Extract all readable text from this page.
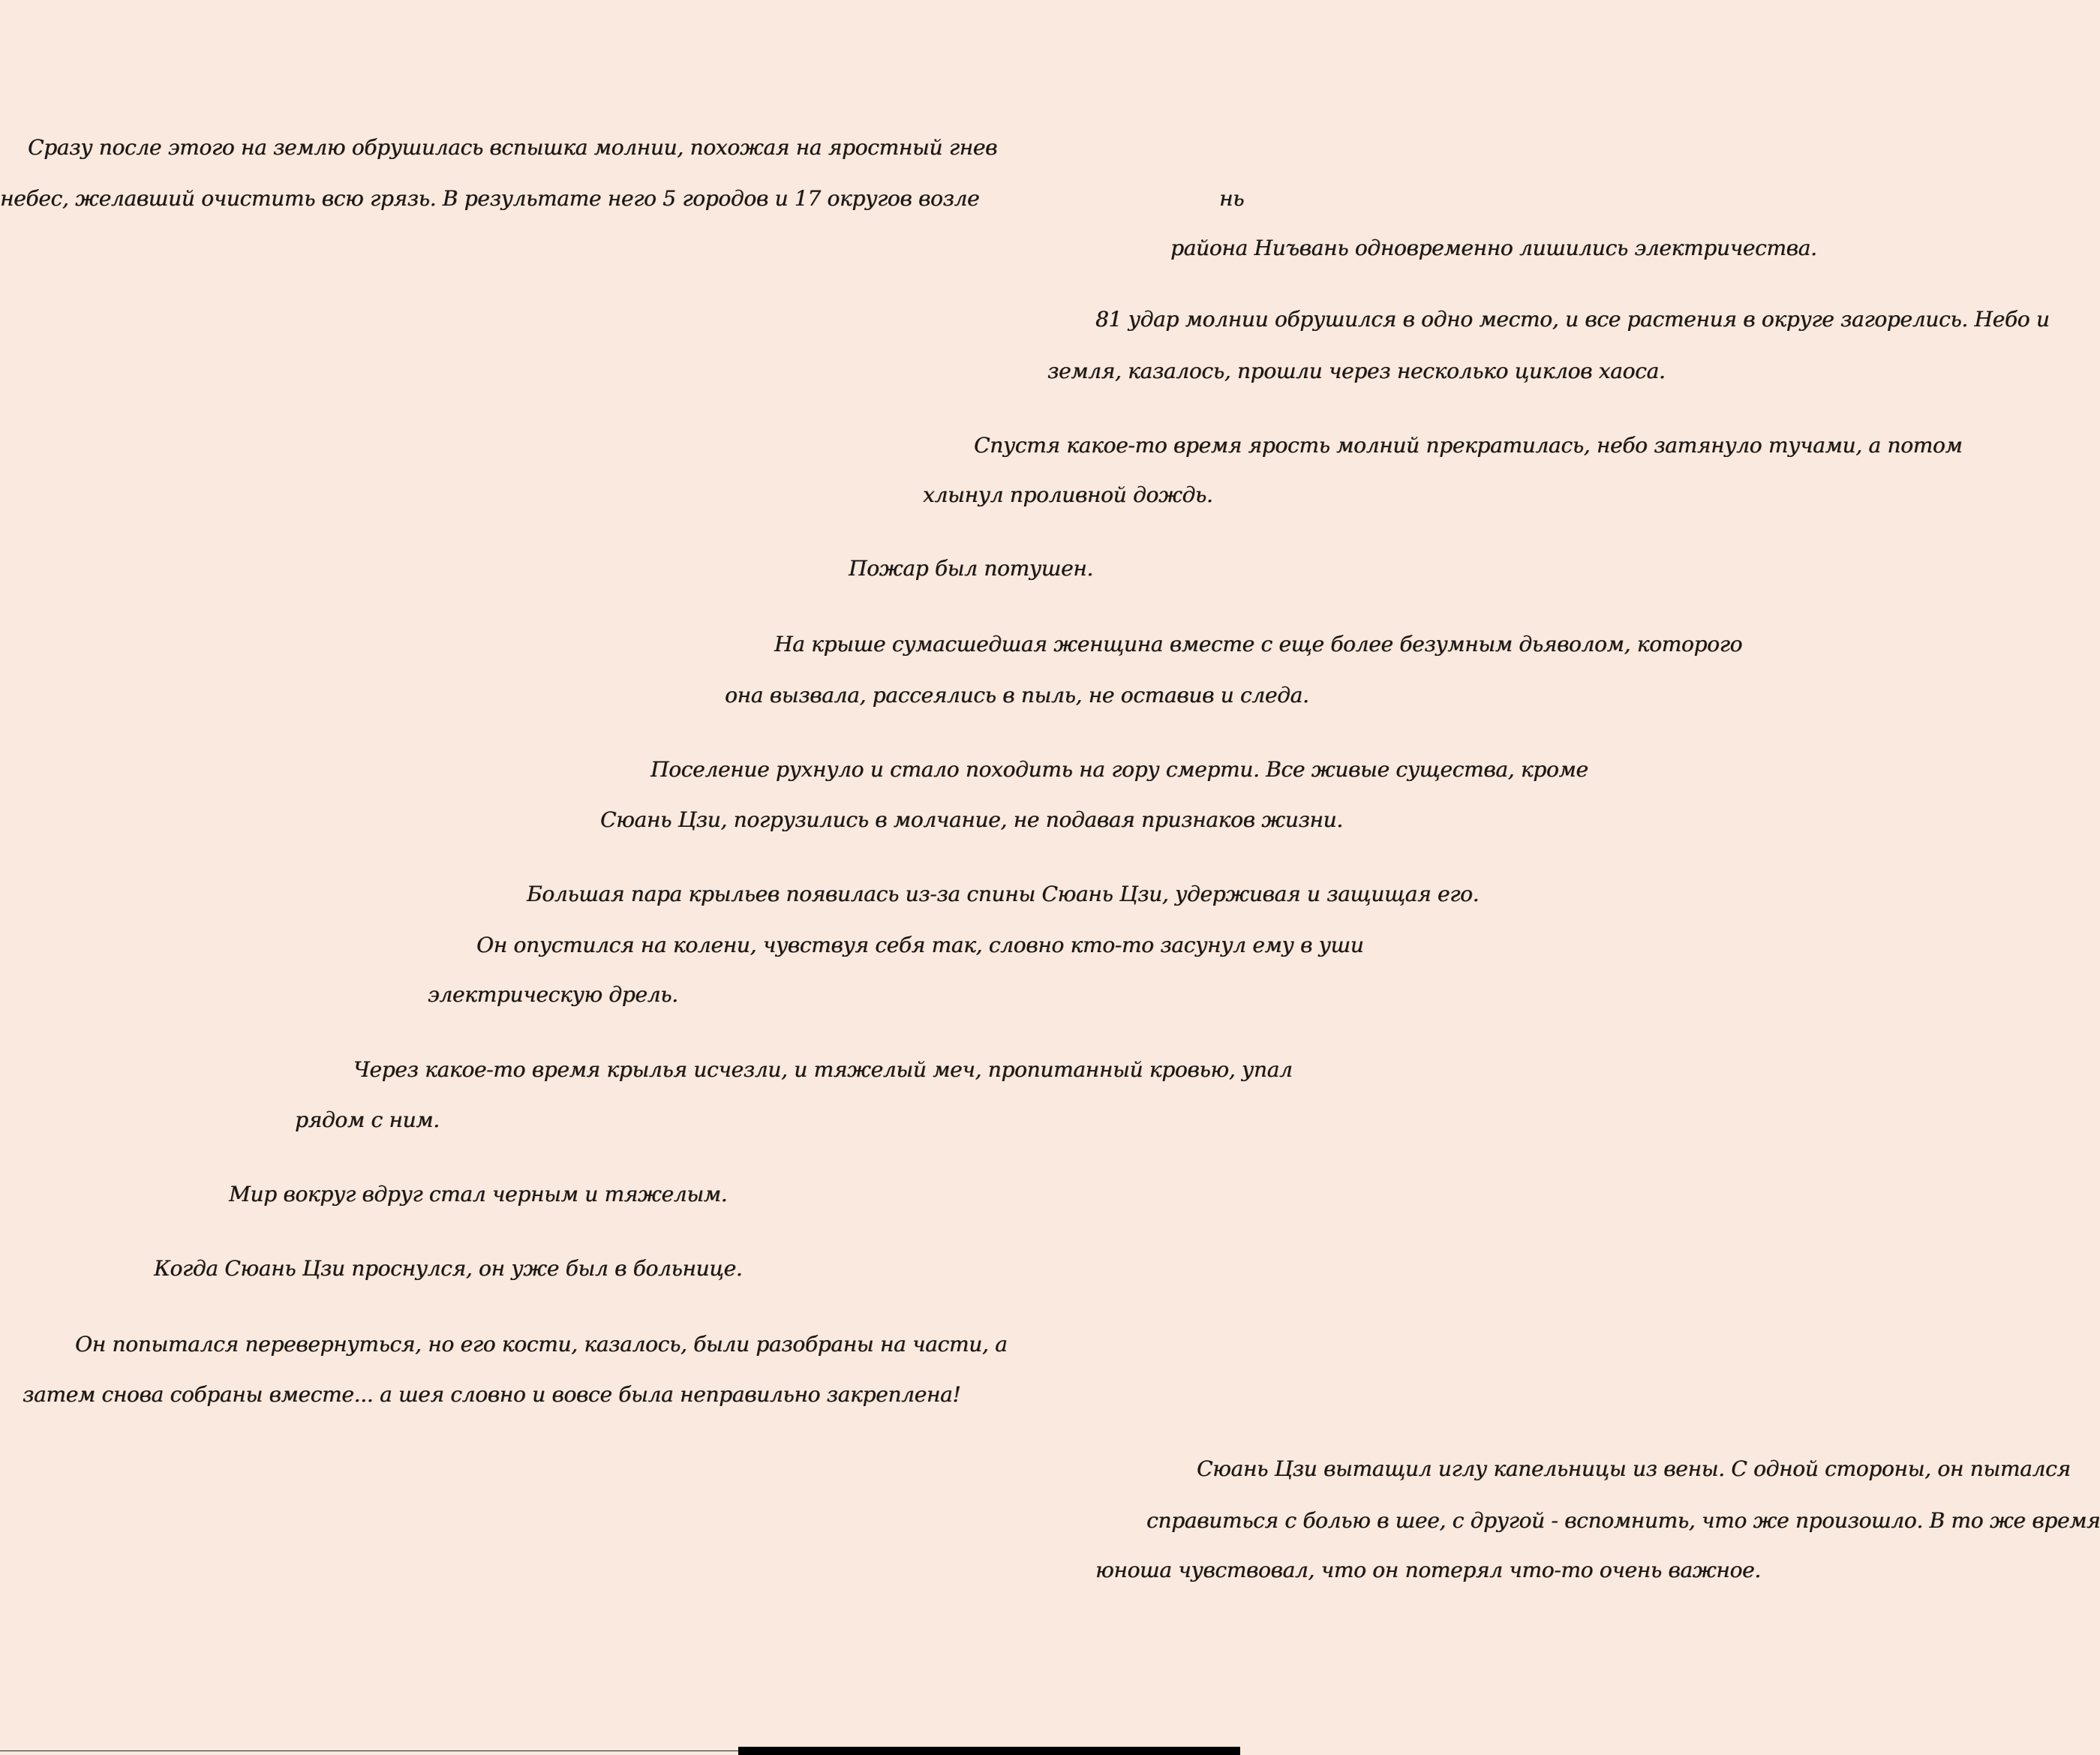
Сразу после этого на землю обрушилась вспышка молнии, похожая на яростный гнев
небес, желавший очистить всю грязь. В результате него 5 городов и 17 округов возле	нь
района Ниъвань одновременно лишились электричества.
81 удар молнии обрушился в одно место, и все растения в округе загорелись. Небо и
земля, казалось, прошли через несколько циклов хаоса.
Спустя какое-то время ярость молний прекратилась, небо затянуло тучами, а потом
хлынул проливной дождь.
Пожар был потушен.
На крыше сумасшедшая женщина вместе с еще более безумным дьяволом, которого
она вызвала, рассеялись в пыль, не оставив и следа.
Поселение рухнуло и стало походить на гору смерти. Все живые существа, кроме
Сюань Цзи, погрузились в молчание, не подавая признаков жизни.
Большая пара крыльев появилась из-за спины Сюань Цзи, удерживая и защищая его.
Он опустился на колени, чувствуя себя так, словно кто-то засунул ему в уши
электрическую дрель.
Через какое-то время крылья исчезли, и тяжелый меч, пропитанный кровью, упал
рядом с ним.
Мир вокруг вдруг стал черным и тяжелым.
Когда Сюань Цзи проснулся, он уже был в больнице.
Он попытался перевернуться, но его кости, казалось, были разобраны на части, а
затем снова собраны вместе... а шея словно и вовсе была неправильно закреплена!
Сюань Цзи вытащил иглу капельницы из вены. С одной стороны, он пытался
справиться с болью в шее, с другой - вспомнить, что же произошло. В то же время
юноша чувствовал, что он потерял что-то очень важное.
